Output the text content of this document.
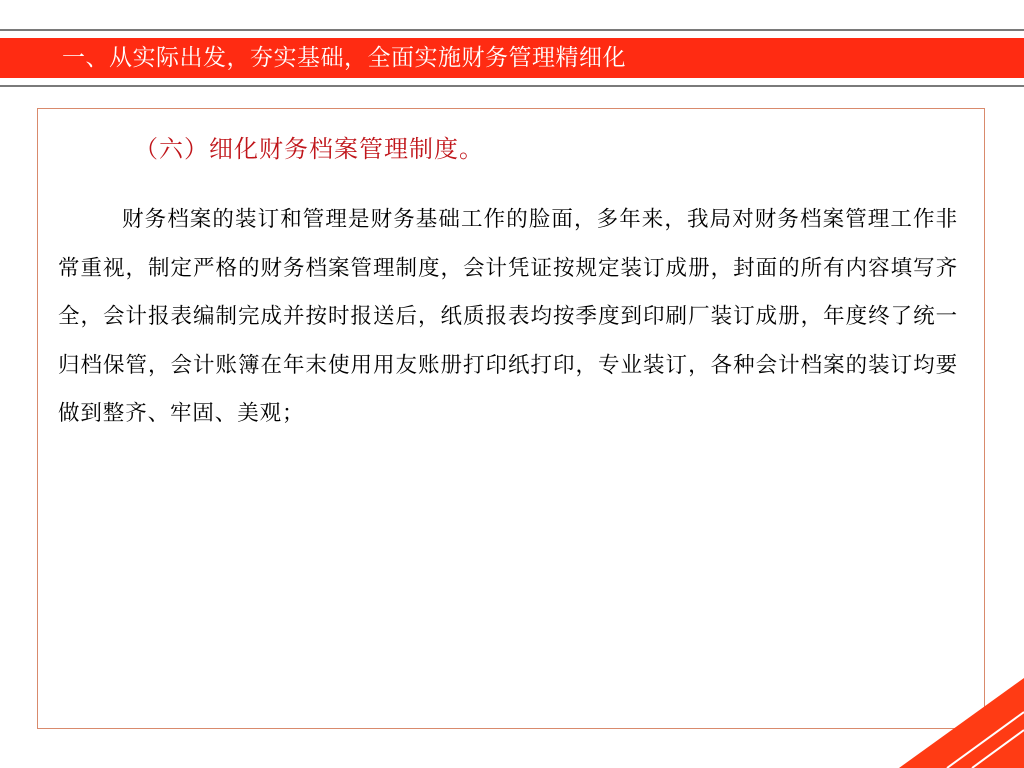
一、从实际出发，夯实基础，全面实施财务管理精细化
（六）细化财务档案管理制度。

财务档案的装订和管理是财务基础工作的脸面，多年来，我局对财务档案管理工作非常重视，制定严格的财务档案管理制度，会计凭证按规定装订成册，封面的所有内容填写齐全，会计报表编制完成并按时报送后，纸质报表均按季度到印刷厂装订成册，年度终了统一归档保管，会计账簿在年末使用用友账册打印纸打印，专业装订，各种会计档案的装订均要做到整齐、牢固、美观；
